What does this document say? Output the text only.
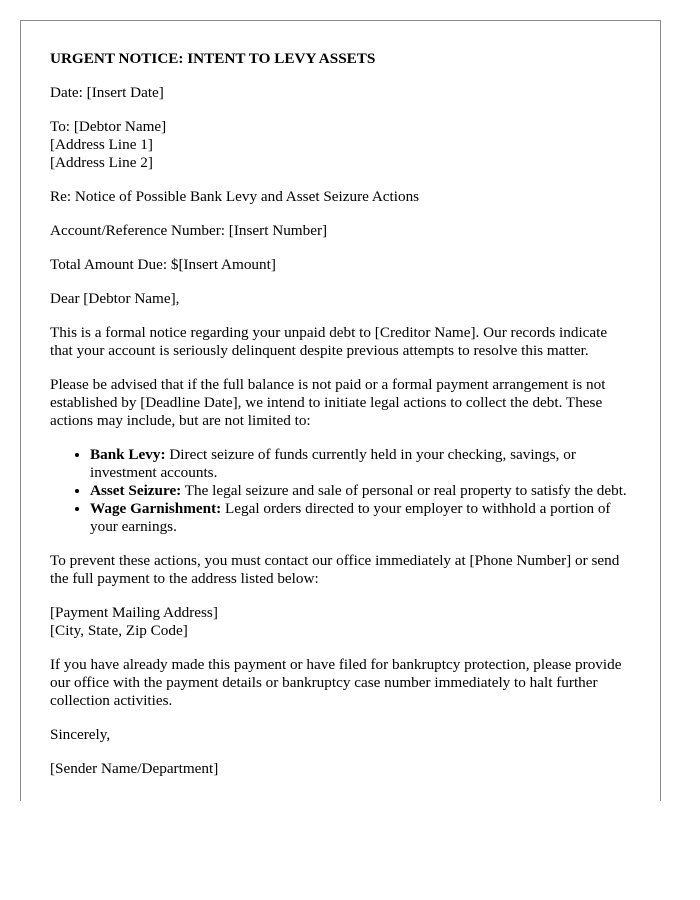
URGENT NOTICE: INTENT TO LEVY ASSETS

Date: [Insert Date]

To: [Debtor Name]
[Address Line 1]
[Address Line 2]

Re: Notice of Possible Bank Levy and Asset Seizure Actions

Account/Reference Number: [Insert Number]

Total Amount Due: $[Insert Amount]

Dear [Debtor Name],

This is a formal notice regarding your unpaid debt to [Creditor Name]. Our records indicate that your account is seriously delinquent despite previous attempts to resolve this matter.

Please be advised that if the full balance is not paid or a formal payment arrangement is not established by [Deadline Date], we intend to initiate legal actions to collect the debt. These actions may include, but are not limited to:

• Bank Levy: Direct seizure of funds currently held in your checking, savings, or investment accounts.
• Asset Seizure: The legal seizure and sale of personal or real property to satisfy the debt.
• Wage Garnishment: Legal orders directed to your employer to withhold a portion of your earnings.

To prevent these actions, you must contact our office immediately at [Phone Number] or send the full payment to the address listed below:

[Payment Mailing Address]
[City, State, Zip Code]

If you have already made this payment or have filed for bankruptcy protection, please provide our office with the payment details or bankruptcy case number immediately to halt further collection activities.

Sincerely,

[Sender Name/Department]
